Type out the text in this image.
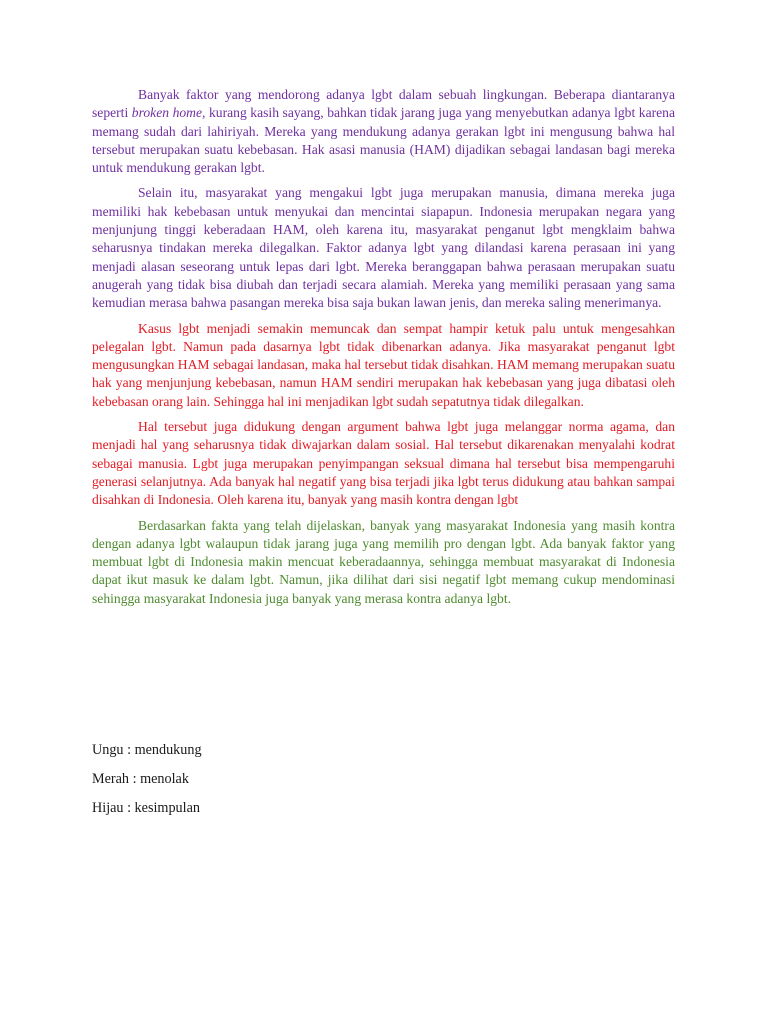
Banyak faktor yang mendorong adanya lgbt dalam sebuah lingkungan. Beberapa diantaranya seperti broken home, kurang kasih sayang, bahkan tidak jarang juga yang menyebutkan adanya lgbt karena memang sudah dari lahiriyah. Mereka yang mendukung adanya gerakan lgbt ini mengusung bahwa hal tersebut merupakan suatu kebebasan. Hak asasi manusia (HAM) dijadikan sebagai landasan bagi mereka untuk mendukung gerakan lgbt.

Selain itu, masyarakat yang mengakui lgbt juga merupakan manusia, dimana mereka juga memiliki hak kebebasan untuk menyukai dan mencintai siapapun. Indonesia merupakan negara yang menjunjung tinggi keberadaan HAM, oleh karena itu, masyarakat penganut lgbt mengklaim bahwa seharusnya tindakan mereka dilegalkan. Faktor adanya lgbt yang dilandasi karena perasaan ini yang menjadi alasan seseorang untuk lepas dari lgbt. Mereka beranggapan bahwa perasaan merupakan suatu anugerah yang tidak bisa diubah dan terjadi secara alamiah. Mereka yang memiliki perasaan yang sama kemudian merasa bahwa pasangan mereka bisa saja bukan lawan jenis, dan mereka saling menerimanya.

Kasus lgbt menjadi semakin memuncak dan sempat hampir ketuk palu untuk mengesahkan pelegalan lgbt. Namun pada dasarnya lgbt tidak dibenarkan adanya. Jika masyarakat penganut lgbt mengusungkan HAM sebagai landasan, maka hal tersebut tidak disahkan. HAM memang merupakan suatu hak yang menjunjung kebebasan, namun HAM sendiri merupakan hak kebebasan yang juga dibatasi oleh kebebasan orang lain. Sehingga hal ini menjadikan lgbt sudah sepatutnya tidak dilegalkan.

Hal tersebut juga didukung dengan argument bahwa lgbt juga melanggar norma agama, dan menjadi hal yang seharusnya tidak diwajarkan dalam sosial. Hal tersebut dikarenakan menyalahi kodrat sebagai manusia. Lgbt juga merupakan penyimpangan seksual dimana hal tersebut bisa mempengaruhi generasi selanjutnya. Ada banyak hal negatif yang bisa terjadi jika lgbt terus didukung atau bahkan sampai disahkan di Indonesia. Oleh karena itu, banyak yang masih kontra dengan lgbt

Berdasarkan fakta yang telah dijelaskan, banyak yang masyarakat Indonesia yang masih kontra dengan adanya lgbt walaupun tidak jarang juga yang memilih pro dengan lgbt. Ada banyak faktor yang membuat lgbt di Indonesia makin mencuat keberadaannya, sehingga membuat masyarakat di Indonesia dapat ikut masuk ke dalam lgbt. Namun, jika dilihat dari sisi negatif lgbt memang cukup mendominasi sehingga masyarakat Indonesia juga banyak yang merasa kontra adanya lgbt.

Ungu : mendukung

Merah : menolak

Hijau : kesimpulan
